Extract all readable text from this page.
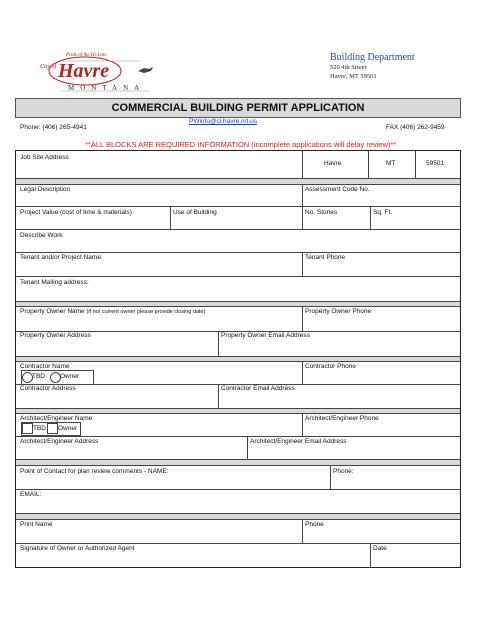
Pride of the Hi-Line
City of Havre
MONTANA
Building Department
520 4th Street
Havre, MT 59501
COMMERCIAL BUILDING PERMIT APPLICATION
Phone: (406) 265-4941
PWinfo@ci.havre.mt.us
FAX (406) 262-9459
**ALL BLOCKS ARE REQUIRED INFORMATION (incomplete applications will delay review)**
Job Site Address
Havre	MT	59501
Legal Description	Assessment Code No.
Project Value (cost of time & materials)	Use of Building	No. Stories	Sq. Ft.
Describe Work
Tenant and/or Project Name:	Tenant Phone
Tenant Mailing address:
Property Owner Name (if not current owner please provide closing date)	Property Owner Phone
Property Owner Address	Property Owner Email Address
Contractor Name	Contractor Phone
TBD Owner
Contractor Address	Contractor Email Address
Architect/Engineer Name	Architect/Engineer Phone
TBD Owner
Architect/Engineer Address	Architect/Engineer Email Address
Point of Contact for plan review comments - NAME:	Phone:
EMAIL:
Print Name	Phone
Signature of Owner or Authorized Agent	Date
